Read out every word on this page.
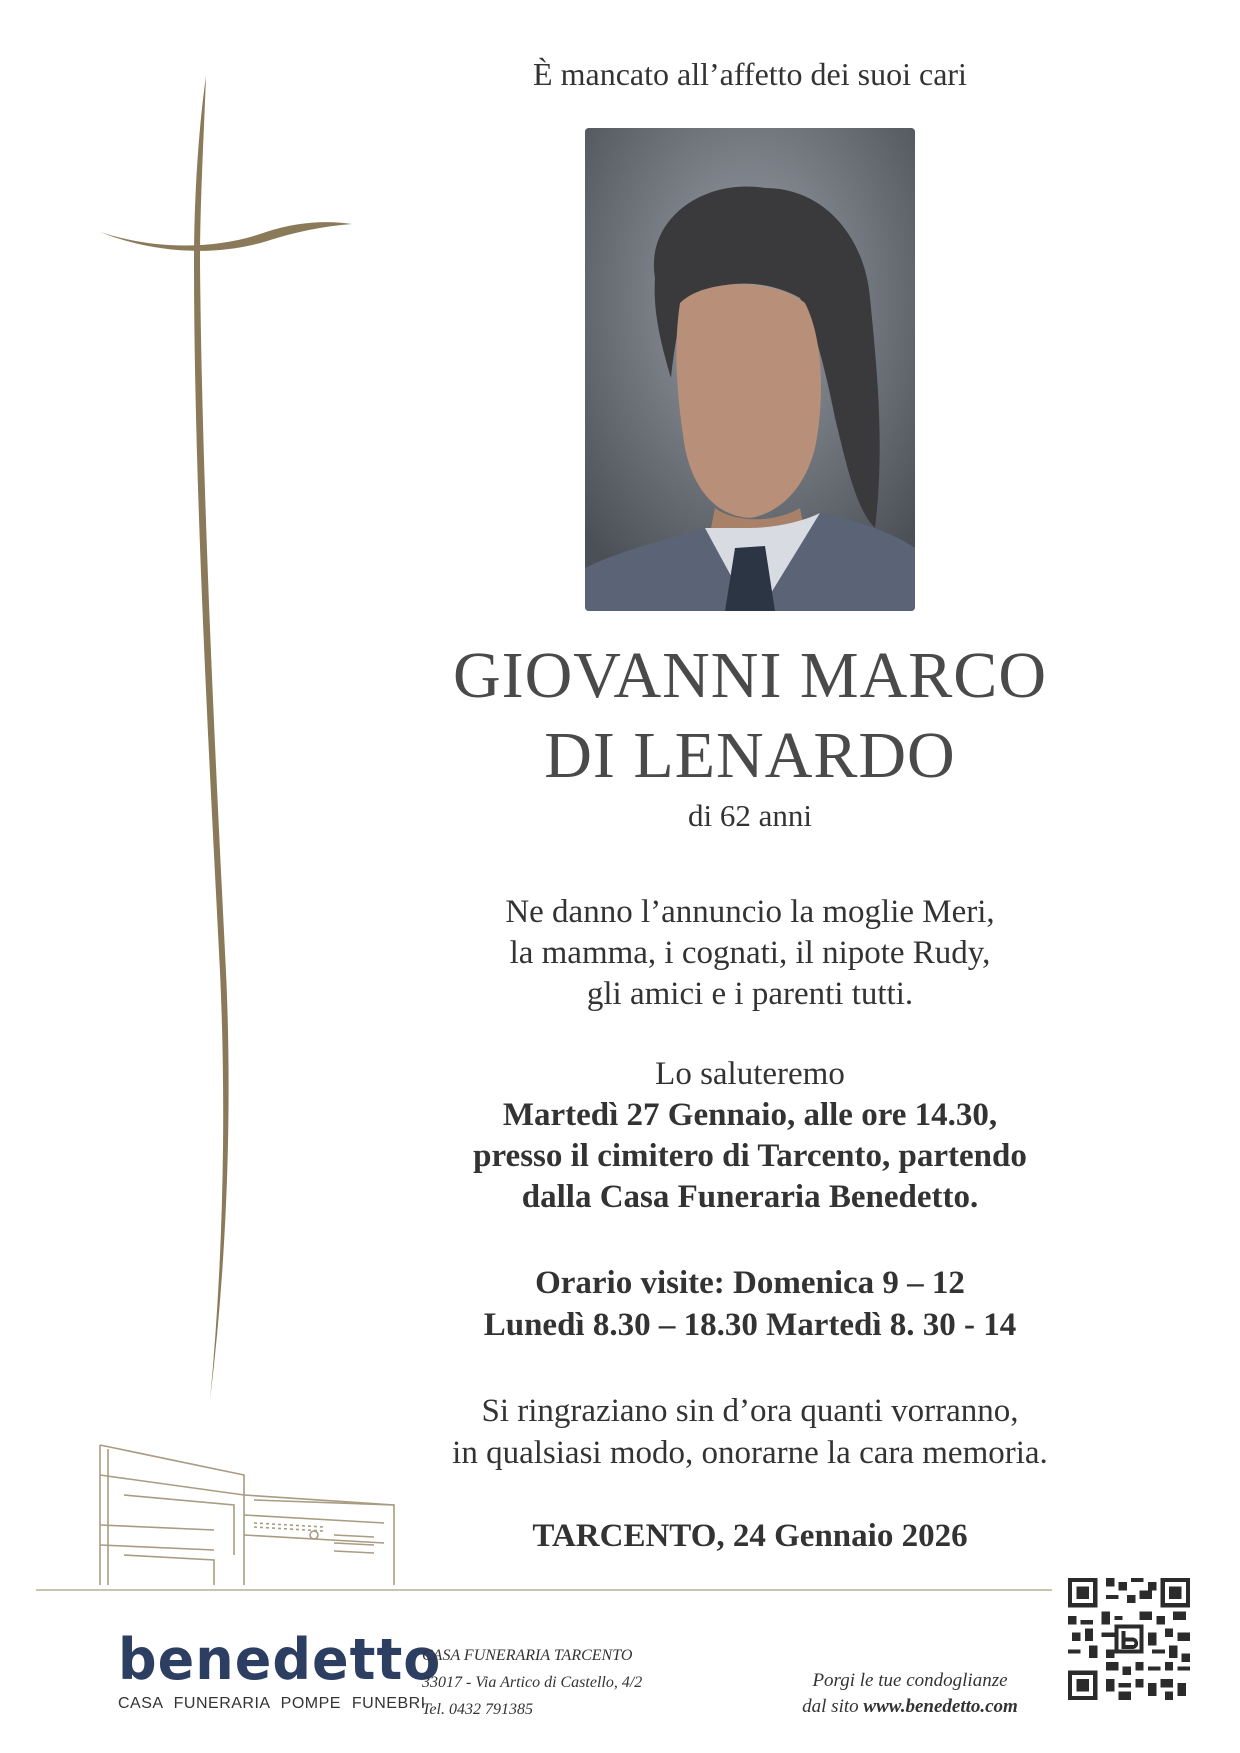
È mancato all’affetto dei suoi cari
GIOVANNI MARCO
DI LENARDO
di 62 anni
Ne danno l’annuncio la moglie Meri,
la mamma, i cognati, il nipote Rudy,
gli amici e i parenti tutti.
Lo saluteremo
Martedì 27 Gennaio, alle ore 14.30,
presso il cimitero di Tarcento, partendo
dalla Casa Funeraria Benedetto.
Orario visite: Domenica 9 – 12
Lunedì 8.30 – 18.30 Martedì 8. 30 - 14
Si ringraziano sin d’ora quanti vorranno,
in qualsiasi modo, onorarne la cara memoria.
TARCENTO, 24 Gennaio 2026
benedetto
CASA FUNERARIA POMPE FUNEBRI
CASA FUNERARIA TARCENTO
33017 - Via Artico di Castello, 4/2
Tel. 0432 791385
Porgi le tue condoglianze
dal sito www.benedetto.com
